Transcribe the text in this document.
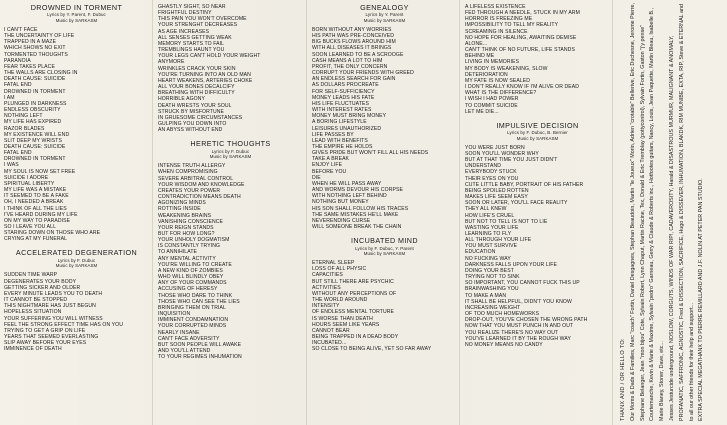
DROWNED IN TORMENT
Lyrics by Y. Parent, F. Dubuc
Music by SARKASM
I CAN'T FACE
THE UNCERTAINTY OF LIFE
TRAPPED IN A MAZE
WHICH SHOWS NO EXIT
TORMENTED THOUGHTS
PARANOIA
FEAR TAKES PLACE
THE WALLS ARE CLOSING IN
DEATH CAUSE: SUICIDE
FATAL END
DROWNED IN TORMENT
I AM
PLUNGED IN DARKNESS
ENDLESS OBSCURITY
NOTHING LEFT
MY LIFE HAS EXPIRED
RAZOR BLADES
MY EXISTENCE WILL END
SLIT DEEP MY WRISTS
DEATH CAUSE: SUICIDE
FATAL END
DROWNED IN TORMENT
I WAS
MY SOUL IS NOW SET FREE
SUICIDE I ADORE
SPIRITUAL LIBERTY
MY LIFE WAS A MISTAKE
IT SEEMED TO BE A FAKE
OH, I NEEDED A BREAK
I THINK OF ALL THE LIES
I'VE HEARD DURING MY LIFE
ON MY WAY TO PARADISE
SO I LEAVE YOU ALL
STARING DOWN ON THOSE WHO ARE
CRYING AT MY FUNERAL
ACCELERATED DEGENERATION
Lyrics by F. Dubuc
Music by SARKASM
SUDDEN TIME WARP
DEGENERATES YOUR BODY
GETTING SICKER AND OLDER
EVERY MINUTE LEADS YOU TO DEATH
IT CANNOT BE STOPPED
THIS NIGHTMARE HAS JUST BEGUN
HOPELESS SITUATION
YOUR SUFFERING YOU WILL WITNESS
FEEL THE STRONG EFFECT TIME HAS ON YOU
TRYING TO GET A GRIP ON LIFE
YEARS THAT SEEMED EVERLASTING
SLIP AWAY BEFORE YOUR EYES
IMMINENCE OF DEATH
GHASTLY SIGHT, SO NEAR
FRIGHTFUL DESTINY
THIS PAIN YOU WON'T OVERCOME
YOUR STRENGHT DECREASES
AS AGE INCREASES
ALL SENSES GETTING WEAK
MEMORY STARTS TO FAIL
TREMBLINGS HAUNT YOU
YOUR LEGS CAN'T HOLD YOUR WEIGHT
ANYMORE
WRINKLES CRACK YOUR SKIN
YOU'RE TURNING INTO AN OLD MAN
HEART WEAKENS, ARTERIES CHOKE
ALL YOUR BONES DECALCIFY
BREATHING WITH DIFFICULTY
HORRIBLE AGONY
DEATH WRESTS YOUR SOUL
STRUCK BY MISFORTUNE
IN GRUESOME CIRCUMSTANCES
GULPING YOU DOWN INTO
AN ABYSS WITHOUT END
HERETIC THOUGHTS
Lyrics by F. Dubuc
Music by SARKASM
INTENSE TRUTH ALLERGY
WHEN COMPROMISING
SEVERE ARBITRAL CONTROL
YOUR WISDOM AND KNOWLEDGE
CREATES YOUR POWER
CONTRADICTION MEANS DEATH
AGONIZING MINDS
ROTTING INSIDE
WEAKENING BRAINS
VANISHING CONSCIENCE
YOUR REIGN STANDS
BUT FOR HOW LONG?
YOUR UNHOLY DOGMATISM
IS CONSTANTLY TRYING
TO ANNIHILATE
ANY MENTAL ACTIVITY
YOU'RE WILLING TO CREATE
A NEW KIND OF ZOMBIES
WHO WILL BLINDLY OBEY
ANY OF YOUR COMMANDS
ACCUSING OF HERESY
THOSE WHO DARE TO THINK
THOSE WHO CAN SEE THE LIES
BRINGING THEM ON TRIAL
INQUISITION
IMMINENT CONDAMNATION
YOUR CORRUPTED MINDS
NEARLY INSANE
CAN'T FACE ADVERSITY
BUT SOON PEOPLE WILL AWAKE
AND YOU'LL ATTEND
TO YOUR REGIMES INHUMATION
GENEALOGY
Lyrics by Y. Parent
Music by SARKASM
BORN WITHOUT ANY WORRIES
HIS PATH WAS PRE-CONCEIVED
BIG BUCKS FLOWS AROUND HIM
WITH ALL DISEASES IT BRINGS
SOON LEARNED TO BE A SCROOGE
CASH MEANS A LOT TO HIM
PROFIT, THE ONLY CONCERN
CORRUPT YOUR FRIENDS WITH GREED
AN ENDLESS SEARCH FOR GAIN
AS DOLLARS PROCREATE
FOR SELF-SUFFICIENCY
MONEY LEADS HIS FATE
HIS LIFE FLUCTUATES
WITH INTEREST RATES
MONEY MUST BRING MONEY
A BORING LIFESTYLE
LEISURES UNAUTHORIZED
LIFE PASSES BY
LEAD WITH BENEFITS
THE EMPIRE HE HOLDS
GIVES PRIDE BUT WON'T FILL ALL HIS NEEDS
TAKE A BREAK
ENJOY LIFE
BEFORE YOU
DIE
WHEN HE WILL PASS AWAY
AND WORMS DEVOUR HIS CORPSE
WITH NOTHING LEFT BEHIND
NOTHING BUT MONEY
HIS SON SHALL FOLLOW HIS TRACES
THE SAME MISTAKES HE'LL MAKE
NEVERENDING CURSE
WILL SOMEONE BREAK THE CHAIN
INCUBATED MIND
Lyrics by F. Dubuc, Y. Parent
Music by SARKASM
ETERNAL SLEEP
LOSS OF ALL PHYSIC
CAPACITIES
BUT STILL THERE ARE PSYCHIC
ACTIVITIES
WITHOUT ANY PERCEPTIONS OF
THE WORLD AROUND
INTENSITY
OF ENDLESS MENTAL TORTURE
IS WORSE THAN DEATH
HOURS SEEM LIKE YEARS
CANNOT BEAR
BEING TRAPPED IN A DEAD BODY
INCUBATED...
SO CLOSE TO BEING ALIVE, YET SO FAR AWAY
A LIFELESS EXISTENCE
FED THROUGH A NEEDLE, STUCK IN MY ARM
HORROR IS FREEZING ME
IMPOSSIBILITY TO TELL MY REALITY
SCREAMING IN SILENCE
NO HOPE FOR HEALING, AWAITING DEMISE
ALONE...
CAN'T THINK OF NO FUTURE, LIFE STANDS
BEHIND ME
LIVING IN MEMORIES
MY BODY IS WEAKENING, SLOW
DETERIORATION
MY FATE IS NOW SEALED
I DON'T REALLY KNOW IF I'M ALIVE OR DEAD
WHAT IS THE DIFFERENCE?
I WISH I HAD POWER
TO COMMIT SUICIDE
LET ME DIE...
IMPULSIVE DECISION
Lyrics by F. Dubuc, B. Bernier
Music by SARKASM
YOU WERE JUST BORN
SOON YOU'LL WONDER WHY
BUT AT THAT TIME YOU JUST DIDN'T
UNDERSTAND
EVERYBODY STUCK
THEIR EYES ON YOU
CUTE LITTLE BABY, PORTRAIT OF HIS FATHER
BEING SPOILED ROTTEN
MAKES LIFE SEEM EASY
SOON OR LATER, YOU'LL FACE REALITY
THEY ALL KNEW
HOW LIFE'S CRUEL
BUT NOT TO TELL IS NOT TO LIE
WASTING YOUR LIFE
LEARNING TO FLY
ALL THROUGH YOUR LIFE
YOU MUST SURVIVE
EDUCATION
NO FUCKING WAY
DARKNESS FALLS UPON YOUR LIFE
DOING YOUR BEST
TRYING NOT TO SINK
SO IMPORTANT, YOU CANNOT FUCK THIS UP
BRAINWASHING YOU
TO MAKE A MAN
IT SHALL BE HELPFUL, DIDN'T YOU KNOW
INCREASING WEIGHT
OF TOO MUCH HOMEWORKS
DROP-OUT, YOU'VE CHOSEN THE WRONG PATH
NOW THAT YOU MUST PUNCH IN AND OUT
YOU REALIZE THERE'S NO WAY OUT
YOU'VE LEARNED IT BY THE ROUGH WAY
NO MONEY MEANS NO CANDY	THANX AND / OR HELLO TO: Our Moms & Dads & Families, Marc "coach" Fortin, Daniel Desgagnes, Stephan Beaudoin, Martin "le Joueux" Morin, Adrien "crotable" Bellerive, Eric Duchesne, Jerome Pierre, Stephane Belanger, Jean "mon bijou" Cote, Sylvain Robert, Lynn Chaput, Martin Racine, Tex, Donald & Eric Tremblay (pottycontrol), Sylvain Fortin, Gaston "j'y pense" Courtemanche, Kevin & Marie & Maxime, Sylvain "pedro" Garneau, Gerry & Claude & Roberts inc., Hotfootes guitars, Nancy, Louis, Jean Paquette, Martin Bleau, Isabelle B., Marie Blaney, Stoner, Dave, etc... Jesses Jesturcide underground, NOSLOW, CORGUTS, WINDS OF WAR RIP!, CADAVEROSITY, Harald & DISASTROUS MURMUR, MALIGNANT & ANOMALY, PROFANATIC, SAFFRONIC, AGNOSTIC, Fred & DISSECTION, SACRIFICE, Hugo & DISSEVER, INHUMATION, BLAKDK, RIM MUNIBE, EXTA, RIP, Steve & ETERNAL and to all our other friends for their help and support... EXTRA SPECIAL MEGATHANX TO PIERRE REMILLARD AND J.F. NOLIN AT PETER PAN STUDIO.
